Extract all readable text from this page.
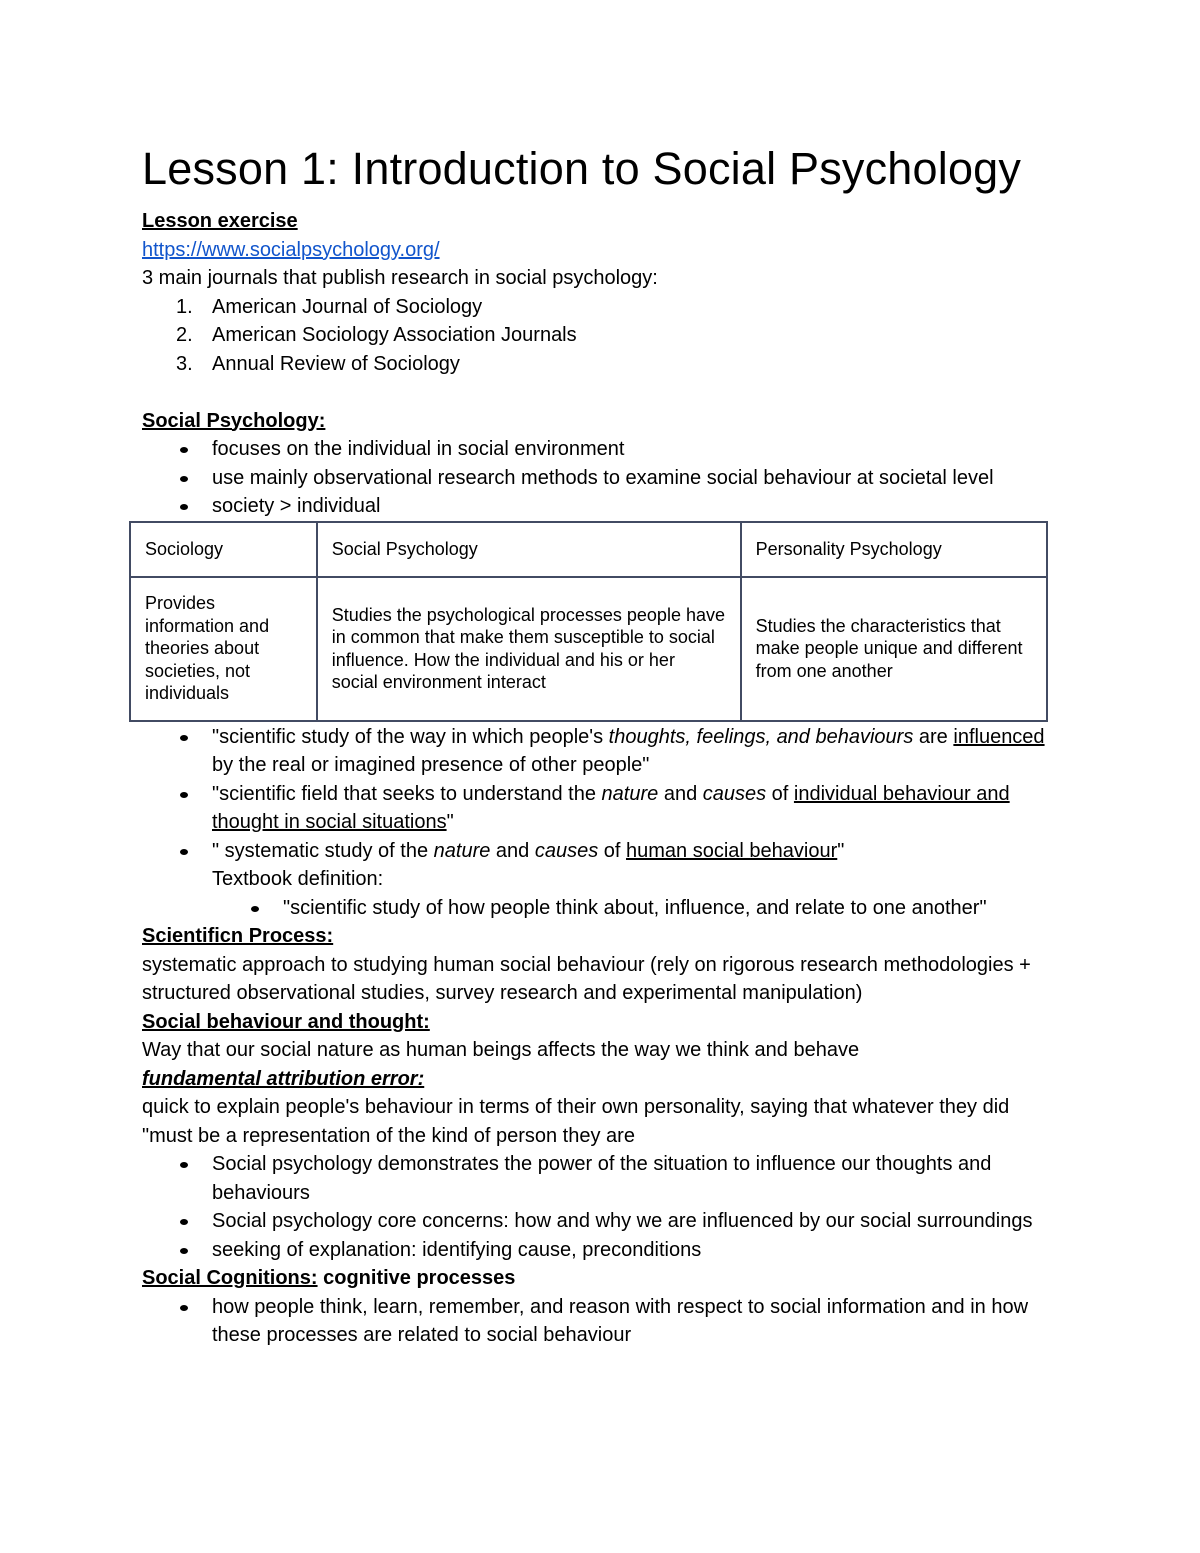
Lesson 1: Introduction to Social Psychology
Lesson exercise
https://www.socialpsychology.org/
3 main journals that publish research in social psychology:
1. American Journal of Sociology
2. American Sociology Association Journals
3. Annual Review of Sociology
Social Psychology:
focuses on the individual in social environment
use mainly observational research methods to examine social behaviour at societal level
society > individual
Sociology	Social Psychology	Personality Psychology
Provides information and theories about societies, not individuals	Studies the psychological processes people have in common that make them susceptible to social influence. How the individual and his or her social environment interact	Studies the characteristics that make people unique and different from one another
"scientific study of the way in which people's thoughts, feelings, and behaviours are influenced by the real or imagined presence of other people"
"scientific field that seeks to understand the nature and causes of individual behaviour and thought in social situations"
" systematic study of the nature and causes of human social behaviour"
Textbook definition:
"scientific study of how people think about, influence, and relate to one another"
Scientificn Process:
systematic approach to studying human social behaviour (rely on rigorous research methodologies + structured observational studies, survey research and experimental manipulation)
Social behaviour and thought:
Way that our social nature as human beings affects the way we think and behave
fundamental attribution error:
quick to explain people's behaviour in terms of their own personality, saying that whatever they did "must be a representation of the kind of person they are
Social psychology demonstrates the power of the situation to influence our thoughts and behaviours
Social psychology core concerns: how and why we are influenced by our social surroundings
seeking of explanation: identifying cause, preconditions
Social Cognitions: cognitive processes
how people think, learn, remember, and reason with respect to social information and in how these processes are related to social behaviour
